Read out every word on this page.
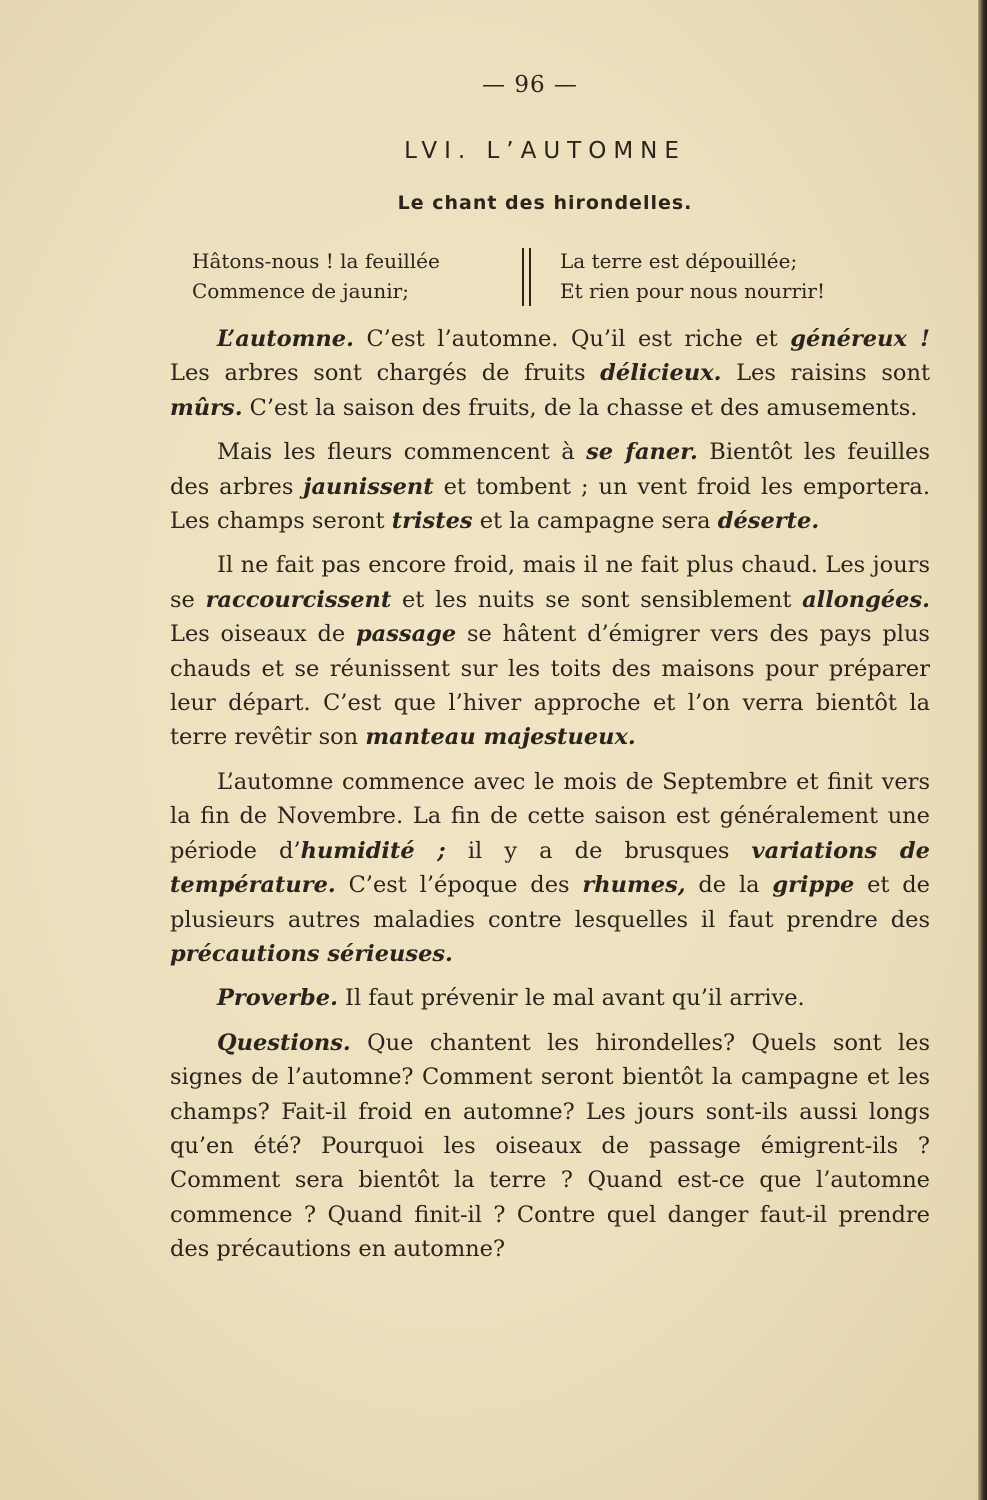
— 96 —
LVI. L’AUTOMNE
Le chant des hirondelles.
Hâtons-nous ! la feuillée
Commence de jaunir;
La terre est dépouillée;
Et rien pour nous nourrir!

L’automne. C’est l’automne. Qu’il est riche et généreux ! Les arbres sont chargés de fruits délicieux. Les raisins sont mûrs. C’est la saison des fruits, de la chasse et des amusements.

Mais les fleurs commencent à se faner. Bientôt les feuilles des arbres jaunissent et tombent ; un vent froid les emportera. Les champs seront tristes et la campagne sera déserte.

Il ne fait pas encore froid, mais il ne fait plus chaud. Les jours se raccourcissent et les nuits se sont sensiblement allongées. Les oiseaux de passage se hâtent d’émigrer vers des pays plus chauds et se réunissent sur les toits des maisons pour préparer leur départ. C’est que l’hiver approche et l’on verra bientôt la terre revêtir son manteau majestueux.

L’automne commence avec le mois de Septembre et finit vers la fin de Novembre. La fin de cette saison est généralement une période d’humidité ; il y a de brusques variations de température. C’est l’époque des rhumes, de la grippe et de plusieurs autres maladies contre lesquelles il faut prendre des précautions sérieuses.

Proverbe. Il faut prévenir le mal avant qu’il arrive.

Questions. Que chantent les hirondelles? Quels sont les signes de l’automne? Comment seront bientôt la campagne et les champs? Fait-il froid en automne? Les jours sont-ils aussi longs qu’en été? Pourquoi les oiseaux de passage émigrent-ils ? Comment sera bientôt la terre ? Quand est-ce que l’automne commence ? Quand finit-il ? Contre quel danger faut-il prendre des précautions en automne?
